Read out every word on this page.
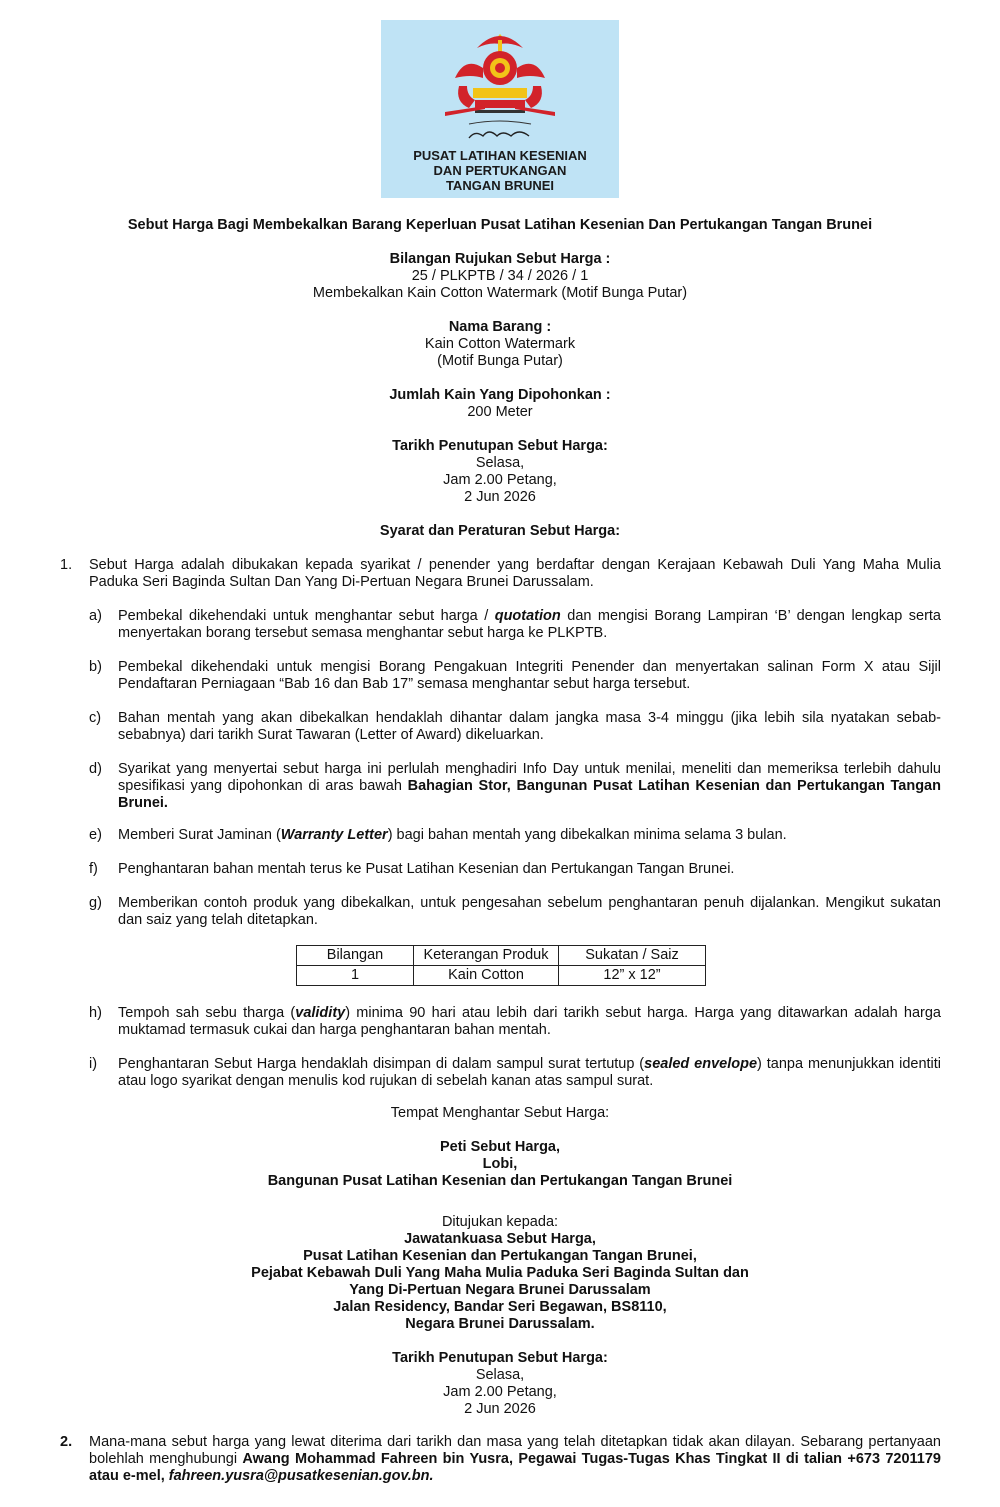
PUSAT LATIHAN KESENIAN
DAN PERTUKANGAN
TANGAN BRUNEI
Sebut Harga Bagi Membekalkan Barang Keperluan Pusat Latihan Kesenian Dan Pertukangan Tangan Brunei
Bilangan Rujukan Sebut Harga :
25 / PLKPTB / 34 / 2026 / 1
Membekalkan Kain Cotton Watermark (Motif Bunga Putar)
Nama Barang :
Kain Cotton Watermark
(Motif Bunga Putar)
Jumlah Kain Yang Dipohonkan :
200 Meter
Tarikh Penutupan Sebut Harga:
Selasa,
Jam 2.00 Petang,
2 Jun 2026
Syarat dan Peraturan Sebut Harga:
1. Sebut Harga adalah dibukakan kepada syarikat / penender yang berdaftar dengan Kerajaan Kebawah Duli Yang Maha Mulia Paduka Seri Baginda Sultan Dan Yang Di-Pertuan Negara Brunei Darussalam.
a) Pembekal dikehendaki untuk menghantar sebut harga / quotation dan mengisi Borang Lampiran ‘B’ dengan lengkap serta menyertakan borang tersebut semasa menghantar sebut harga ke PLKPTB.
b) Pembekal dikehendaki untuk mengisi Borang Pengakuan Integriti Penender dan menyertakan salinan Form X atau Sijil Pendaftaran Perniagaan “Bab 16 dan Bab 17” semasa menghantar sebut harga tersebut.
c) Bahan mentah yang akan dibekalkan hendaklah dihantar dalam jangka masa 3-4 minggu (jika lebih sila nyatakan sebab-sebabnya) dari tarikh Surat Tawaran (Letter of Award) dikeluarkan.
d) Syarikat yang menyertai sebut harga ini perlulah menghadiri Info Day untuk menilai, meneliti dan memeriksa terlebih dahulu spesifikasi yang dipohonkan di aras bawah Bahagian Stor, Bangunan Pusat Latihan Kesenian dan Pertukangan Tangan Brunei.
e) Memberi Surat Jaminan (Warranty Letter) bagi bahan mentah yang dibekalkan minima selama 3 bulan.
f) Penghantaran bahan mentah terus ke Pusat Latihan Kesenian dan Pertukangan Tangan Brunei.
g) Memberikan contoh produk yang dibekalkan, untuk pengesahan sebelum penghantaran penuh dijalankan. Mengikut sukatan dan saiz yang telah ditetapkan.
Bilangan	Keterangan Produk	Sukatan / Saiz
1	Kain Cotton	12” x 12”
h) Tempoh sah sebu tharga (validity) minima 90 hari atau lebih dari tarikh sebut harga. Harga yang ditawarkan adalah harga muktamad termasuk cukai dan harga penghantaran bahan mentah.
i) Penghantaran Sebut Harga hendaklah disimpan di dalam sampul surat tertutup (sealed envelope) tanpa menunjukkan identiti atau logo syarikat dengan menulis kod rujukan di sebelah kanan atas sampul surat.
Tempat Menghantar Sebut Harga:
Peti Sebut Harga,
Lobi,
Bangunan Pusat Latihan Kesenian dan Pertukangan Tangan Brunei
Ditujukan kepada:
Jawatankuasa Sebut Harga,
Pusat Latihan Kesenian dan Pertukangan Tangan Brunei,
Pejabat Kebawah Duli Yang Maha Mulia Paduka Seri Baginda Sultan dan
Yang Di-Pertuan Negara Brunei Darussalam
Jalan Residency, Bandar Seri Begawan, BS8110,
Negara Brunei Darussalam.
Tarikh Penutupan Sebut Harga:
Selasa,
Jam 2.00 Petang,
2 Jun 2026
2. Mana-mana sebut harga yang lewat diterima dari tarikh dan masa yang telah ditetapkan tidak akan dilayan. Sebarang pertanyaan bolehlah menghubungi Awang Mohammad Fahreen bin Yusra, Pegawai Tugas-Tugas Khas Tingkat II di talian +673 7201179 atau e-mel, fahreen.yusra@pusatkesenian.gov.bn.
